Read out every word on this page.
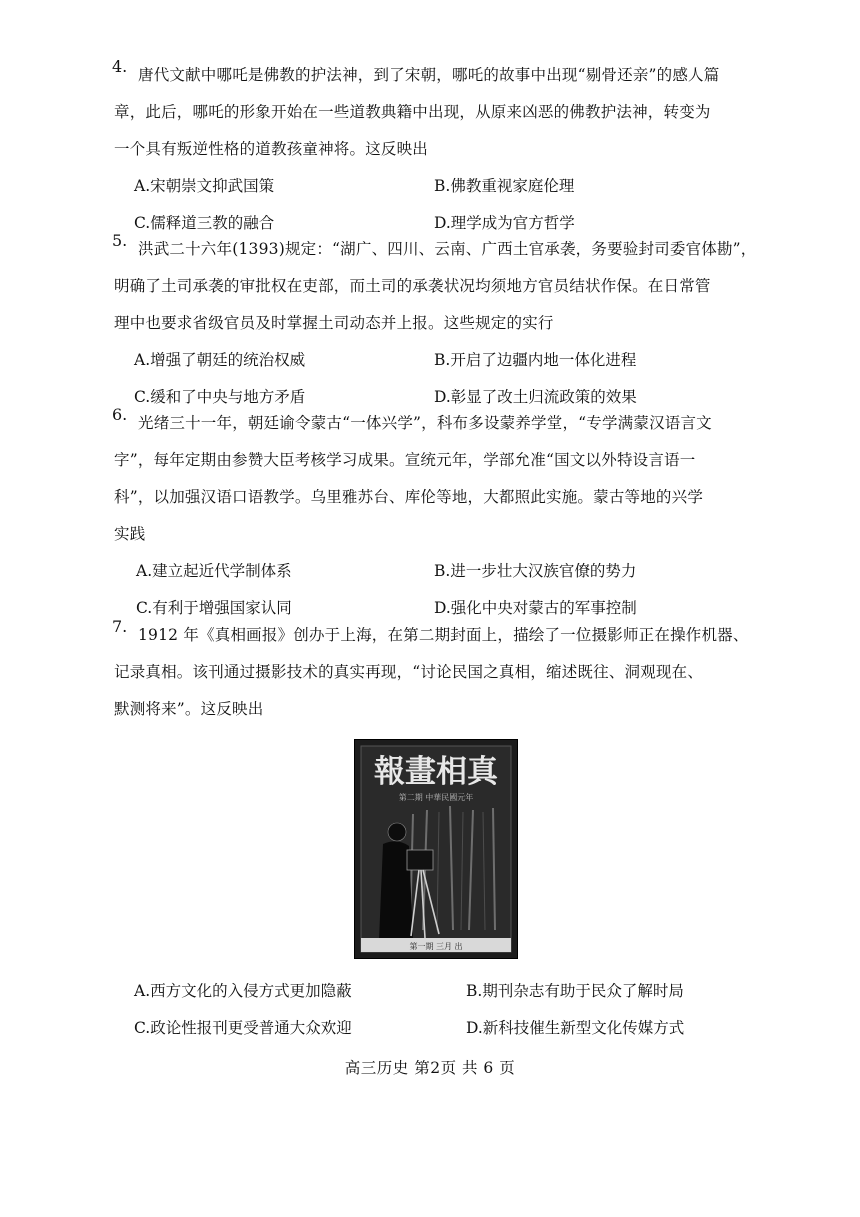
4. 唐代文献中哪吒是佛教的护法神，到了宋朝，哪吒的故事中出现“剔骨还亲”的感人篇
章，此后，哪吒的形象开始在一些道教典籍中出现，从原来凶恶的佛教护法神，转变为
一个具有叛逆性格的道教孩童神将。这反映出
A.宋朝崇文抑武国策	B.佛教重视家庭伦理
C.儒释道三教的融合	D.理学成为官方哲学
5. 洪武二十六年(1393)规定：“湖广、四川、云南、广西土官承袭，务要验封司委官体勘”，
明确了土司承袭的审批权在吏部，而土司的承袭状况均须地方官员结状作保。在日常管
理中也要求省级官员及时掌握土司动态并上报。这些规定的实行
A.增强了朝廷的统治权威	B.开启了边疆内地一体化进程
C.缓和了中央与地方矛盾	D.彰显了改土归流政策的效果
6. 光绪三十一年，朝廷谕令蒙古“一体兴学”，科布多设蒙养学堂，“专学满蒙汉语言文
字”，每年定期由参赞大臣考核学习成果。宣统元年，学部允准“国文以外特设言语一
科”，以加强汉语口语教学。乌里雅苏台、库伦等地，大都照此实施。蒙古等地的兴学
实践
A.建立起近代学制体系	B.进一步壮大汉族官僚的势力
C.有利于增强国家认同	D.强化中央对蒙古的军事控制
7. 1912 年《真相画报》创办于上海，在第二期封面上，描绘了一位摄影师正在操作机器、
记录真相。该刊通过摄影技术的真实再现，“讨论民国之真相，缩述既往、洞观现在、
默测将来”。这反映出
報畫相真
第二期 中華民國元年
第一期 三月 出
A.西方文化的入侵方式更加隐蔽	B.期刊杂志有助于民众了解时局
C.政论性报刊更受普通大众欢迎	D.新科技催生新型文化传媒方式
高三历史 第2页 共 6 页
